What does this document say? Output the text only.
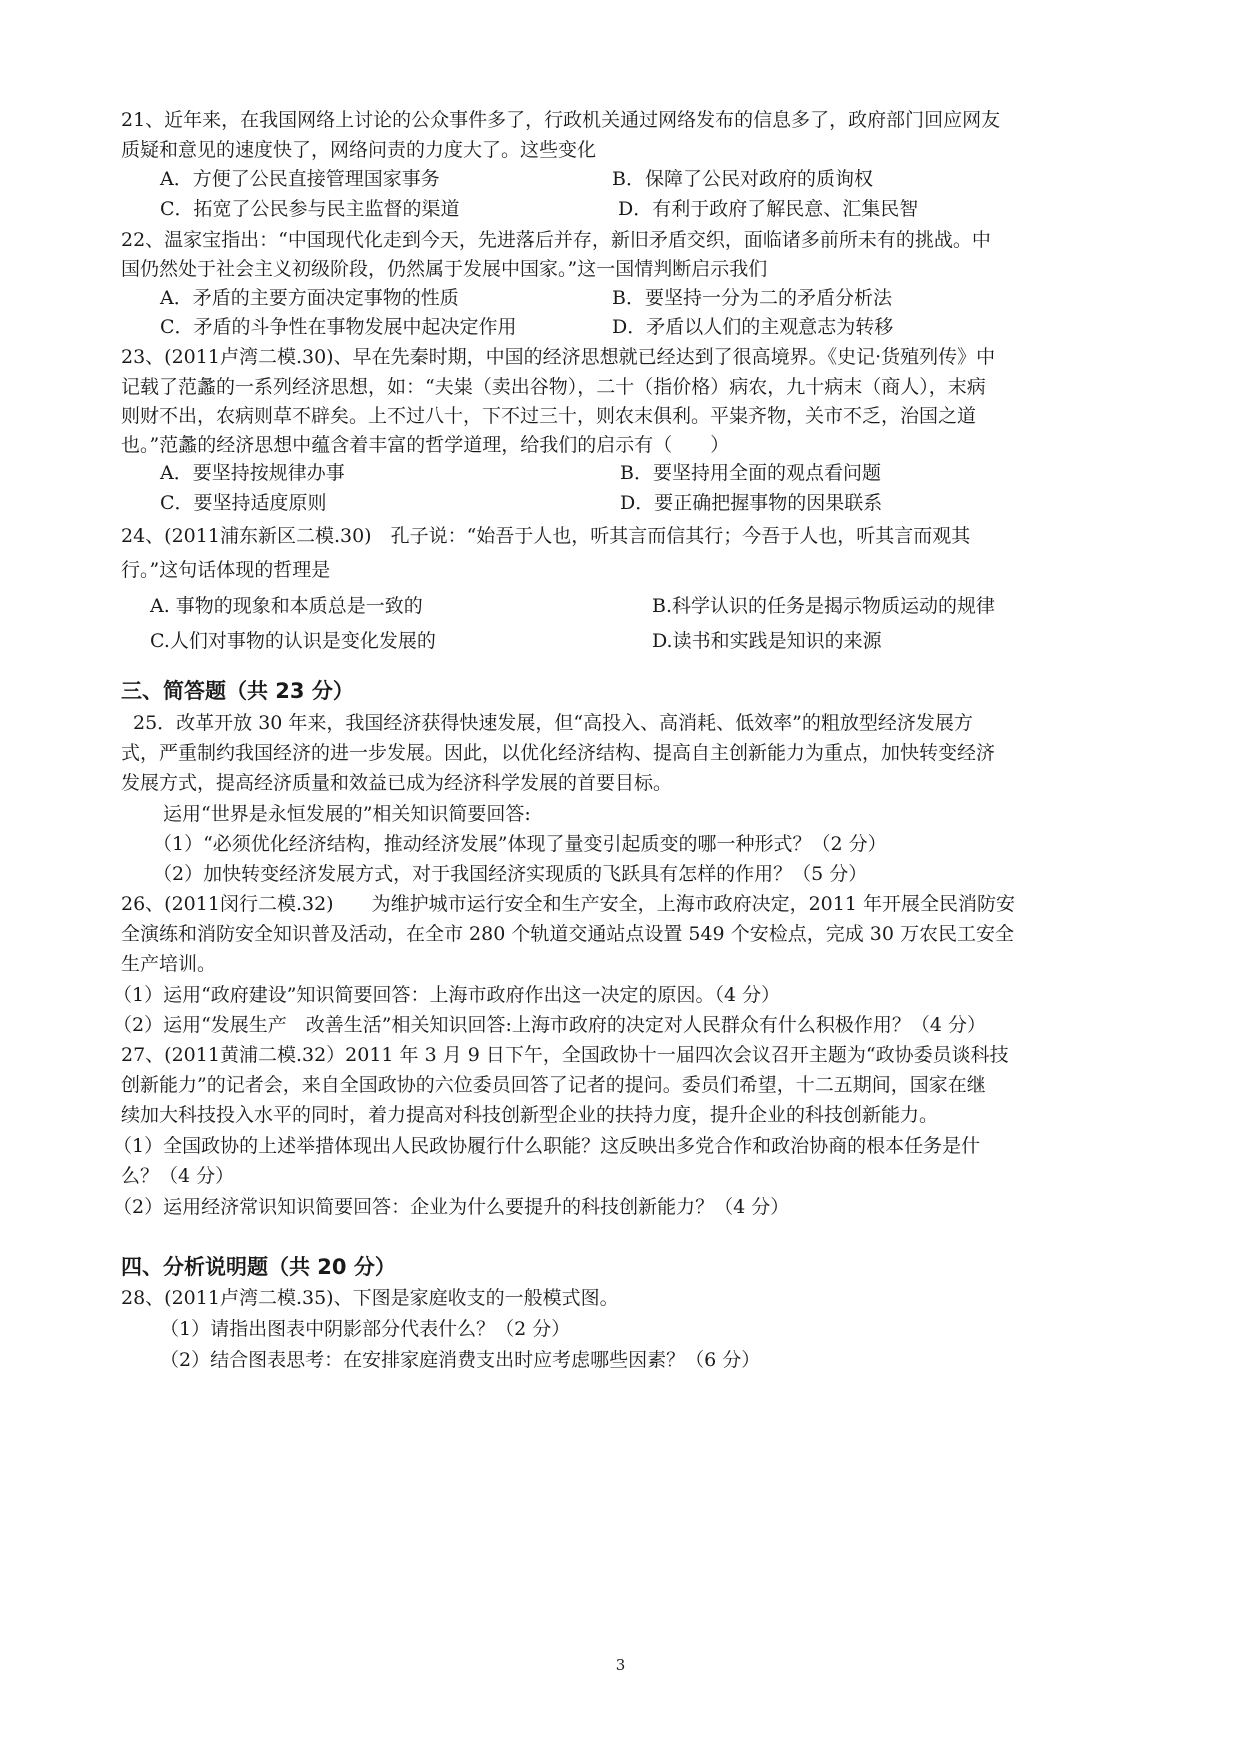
21、近年来，在我国网络上讨论的公众事件多了，行政机关通过网络发布的信息多了，政府部门回应网友
质疑和意见的速度快了，网络问责的力度大了。这些变化
A．方便了公民直接管理国家事务	B．保障了公民对政府的质询权
C．拓宽了公民参与民主监督的渠道	D．有利于政府了解民意、汇集民智
22、温家宝指出：“中国现代化走到今天，先进落后并存，新旧矛盾交织，面临诸多前所未有的挑战。中
国仍然处于社会主义初级阶段，仍然属于发展中国家。”这一国情判断启示我们
A．矛盾的主要方面决定事物的性质	B．要坚持一分为二的矛盾分析法
C．矛盾的斗争性在事物发展中起决定作用	D．矛盾以人们的主观意志为转移
23、(2011卢湾二模.30)、早在先秦时期，中国的经济思想就已经达到了很高境界。《史记·货殖列传》中
记载了范蠡的一系列经济思想，如：“夫粜（卖出谷物），二十（指价格）病农，九十病末（商人），末病
则财不出，农病则草不辟矣。上不过八十，下不过三十，则农末俱利。平粜齐物，关市不乏，治国之道
也。”范蠡的经济思想中蕴含着丰富的哲学道理，给我们的启示有（　　）
A．要坚持按规律办事	B．要坚持用全面的观点看问题
C．要坚持适度原则	D．要正确把握事物的因果联系
24、(2011浦东新区二模.30)　孔子说：“始吾于人也，听其言而信其行；今吾于人也，听其言而观其
行。”这句话体现的哲理是
A. 事物的现象和本质总是一致的	B.科学认识的任务是揭示物质运动的规律
C.人们对事物的认识是变化发展的	D.读书和实践是知识的来源
三、简答题（共 23 分）
25．改革开放 30 年来，我国经济获得快速发展，但“高投入、高消耗、低效率”的粗放型经济发展方
式，严重制约我国经济的进一步发展。因此，以优化经济结构、提高自主创新能力为重点，加快转变经济
发展方式，提高经济质量和效益已成为经济科学发展的首要目标。
运用“世界是永恒发展的”相关知识简要回答:
（1）“必须优化经济结构，推动经济发展”体现了量变引起质变的哪一种形式？（2 分）
（2）加快转变经济发展方式，对于我国经济实现质的飞跃具有怎样的作用？（5 分）
26、(2011闵行二模.32)　　为维护城市运行安全和生产安全，上海市政府决定，2011 年开展全民消防安
全演练和消防安全知识普及活动，在全市 280 个轨道交通站点设置 549 个安检点，完成 30 万农民工安全
生产培训。
（1）运用“政府建设”知识简要回答：上海市政府作出这一决定的原因。（4 分）
（2）运用“发展生产　改善生活”相关知识回答:上海市政府的决定对人民群众有什么积极作用？（4 分）
27、(2011黄浦二模.32）2011 年 3 月 9 日下午，全国政协十一届四次会议召开主题为“政协委员谈科技
创新能力”的记者会，来自全国政协的六位委员回答了记者的提问。委员们希望，十二五期间，国家在继
续加大科技投入水平的同时，着力提高对科技创新型企业的扶持力度，提升企业的科技创新能力。
（1）全国政协的上述举措体现出人民政协履行什么职能？这反映出多党合作和政治协商的根本任务是什
么？（4 分）
（2）运用经济常识知识简要回答：企业为什么要提升的科技创新能力？（4 分）
四、分析说明题（共 20 分）
28、(2011卢湾二模.35)、下图是家庭收支的一般模式图。
（1）请指出图表中阴影部分代表什么？（2 分）
（2）结合图表思考：在安排家庭消费支出时应考虑哪些因素？（6 分）
3
